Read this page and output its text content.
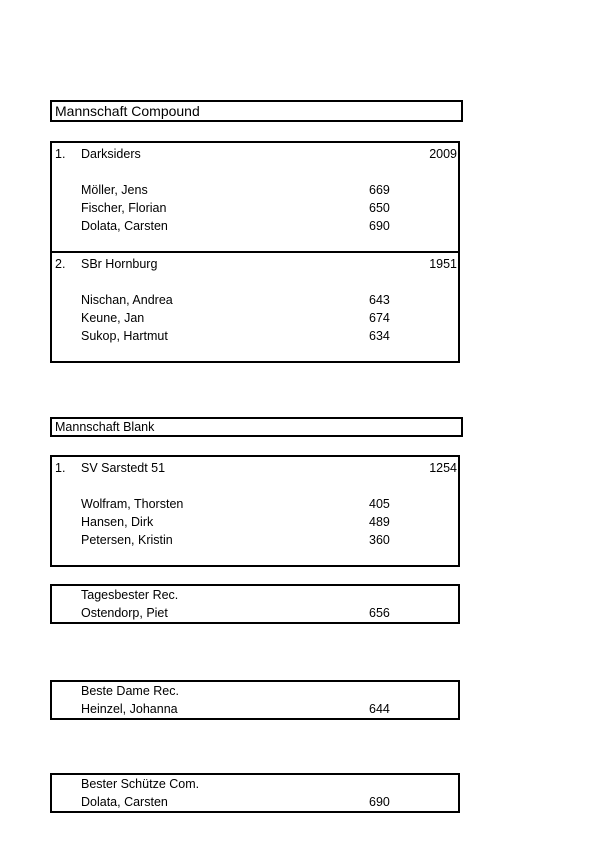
Mannschaft Compound
1. Darksiders	2009
Möller, Jens	669
Fischer, Florian	650
Dolata, Carsten	690
2. SBr Hornburg	1951
Nischan, Andrea	643
Keune, Jan	674
Sukop, Hartmut	634
Mannschaft Blank
1. SV Sarstedt 51	1254
Wolfram, Thorsten	405
Hansen, Dirk	489
Petersen, Kristin	360
Tagesbester Rec.
Ostendorp, Piet	656
Beste Dame Rec.
Heinzel, Johanna	644
Bester Schütze Com.
Dolata, Carsten	690
